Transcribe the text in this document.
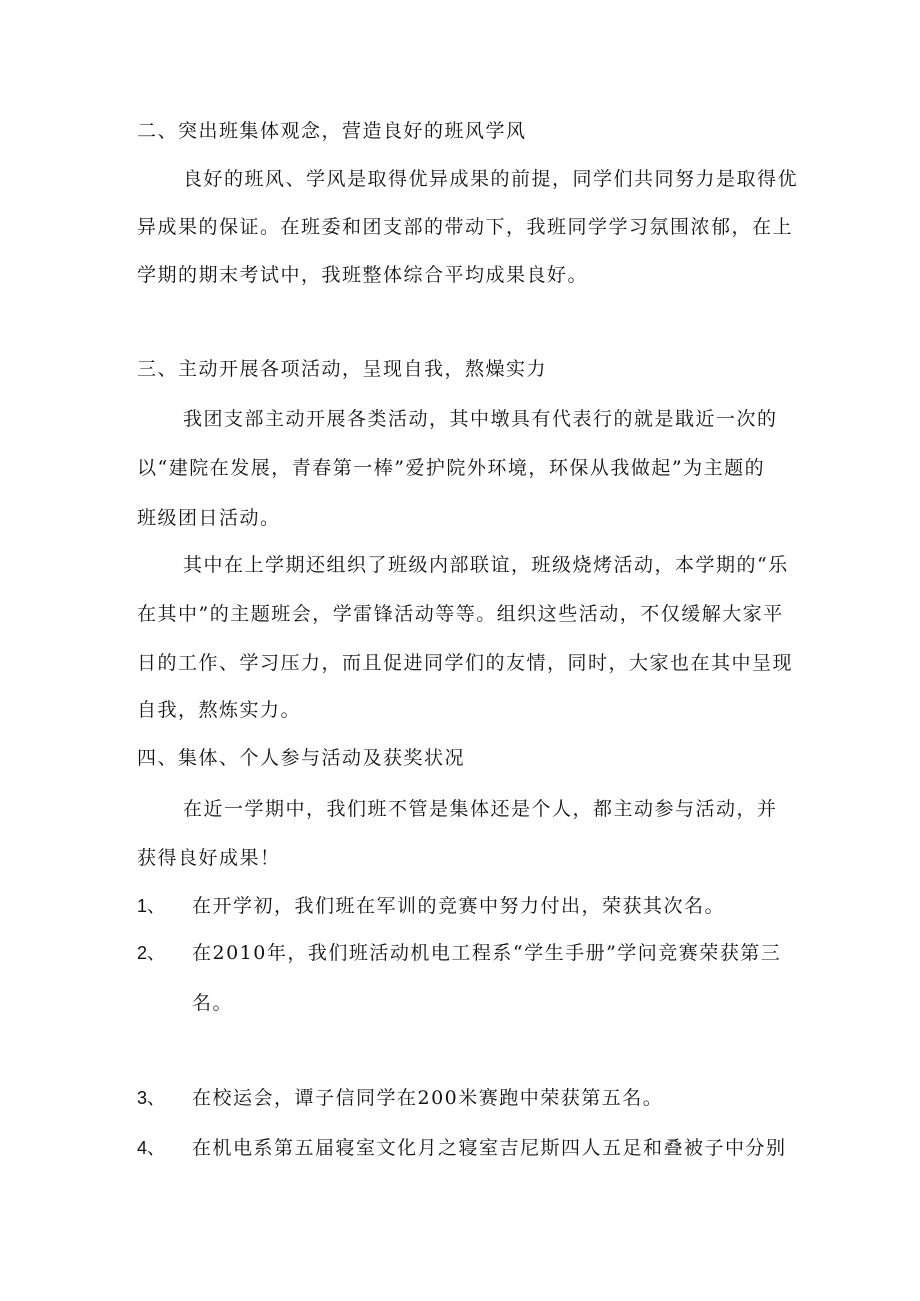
二、突出班集体观念，营造良好的班风学风
良好的班风、学风是取得优异成果的前提，同学们共同努力是取得优
异成果的保证。在班委和团支部的带动下，我班同学学习氛围浓郁，在上
学期的期末考试中，我班整体综合平均成果良好。
三、主动开展各项活动，呈现自我，熬燥实力
我团支部主动开展各类活动，其中墩具有代表行的就是戢近一次的
以“建院在发展，青春第一棒”爱护院外环境，环保从我做起”为主题的
班级团日活动。
其中在上学期还组织了班级内部联谊，班级烧烤活动，本学期的“乐
在其中”的主题班会，学雷锋活动等等。组织这些活动，不仅缓解大家平
日的工作、学习压力，而且促进同学们的友情，同时，大家也在其中呈现
自我，熬炼实力。
四、集体、个人参与活动及获奖状况
在近一学期中，我们班不管是集体还是个人，都主动参与活动，并
获得良好成果！
1、 在开学初，我们班在军训的竞赛中努力付出，荣获其次名。
2、 在2010年，我们班活动机电工程系“学生手册”学问竞赛荣获第三
名。
3、 在校运会，谭子信同学在200米赛跑中荣获第五名。
4、 在机电系第五届寝室文化月之寝室吉尼斯四人五足和叠被子中分别
